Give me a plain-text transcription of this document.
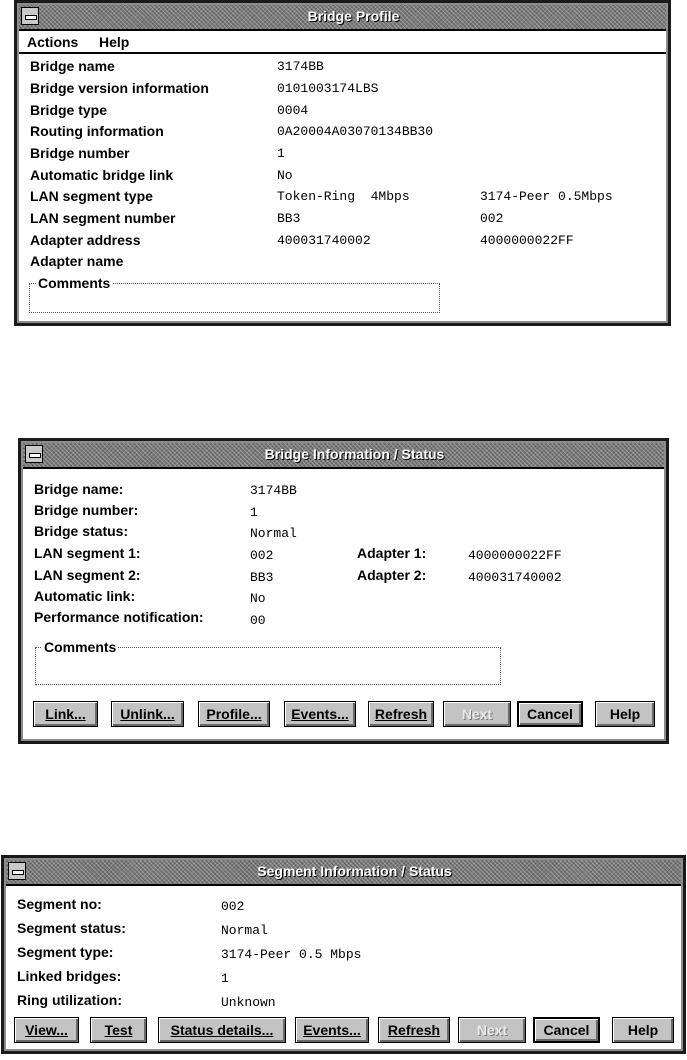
Bridge Profile
Actions Help
Bridge name	3174BB
Bridge version information	0101003174LBS
Bridge type	0004
Routing information	0A20004A03070134BB30
Bridge number	1
Automatic bridge link	No
LAN segment type	Token-Ring  4Mbps	3174-Peer 0.5Mbps
LAN segment number	BB3	002
Adapter address	400031740002	4000000022FF
Adapter name
Comments
Bridge Information / Status
Bridge name:	3174BB
Bridge number:	1
Bridge status:	Normal
LAN segment 1:	002	Adapter 1:	4000000022FF
LAN segment 2:	BB3	Adapter 2:	400031740002
Automatic link:	No
Performance notification:	00
Comments
Link...	Unlink...	Profile...	Events...	Refresh	Next	Cancel	Help
Segment Information / Status
Segment no:	002
Segment status:	Normal
Segment type:	3174-Peer 0.5 Mbps
Linked bridges:	1
Ring utilization:	Unknown
View...	Test	Status details...	Events...	Refresh	Next	Cancel	Help
